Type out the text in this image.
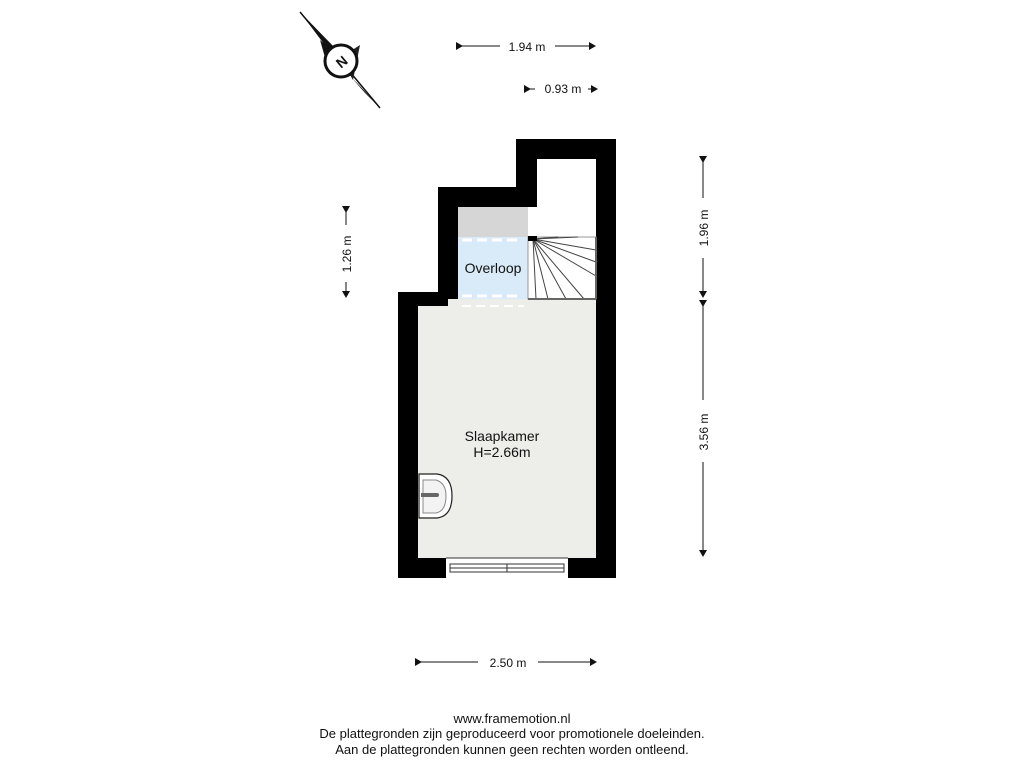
N
1.94 m
0.93 m
1.26 m
1.96 m
3.56 m
2.50 m
Overloop
Slaapkamer
H=2.66m
www.framemotion.nl
De plattegronden zijn geproduceerd voor promotionele doeleinden.
Aan de plattegronden kunnen geen rechten worden ontleend.
